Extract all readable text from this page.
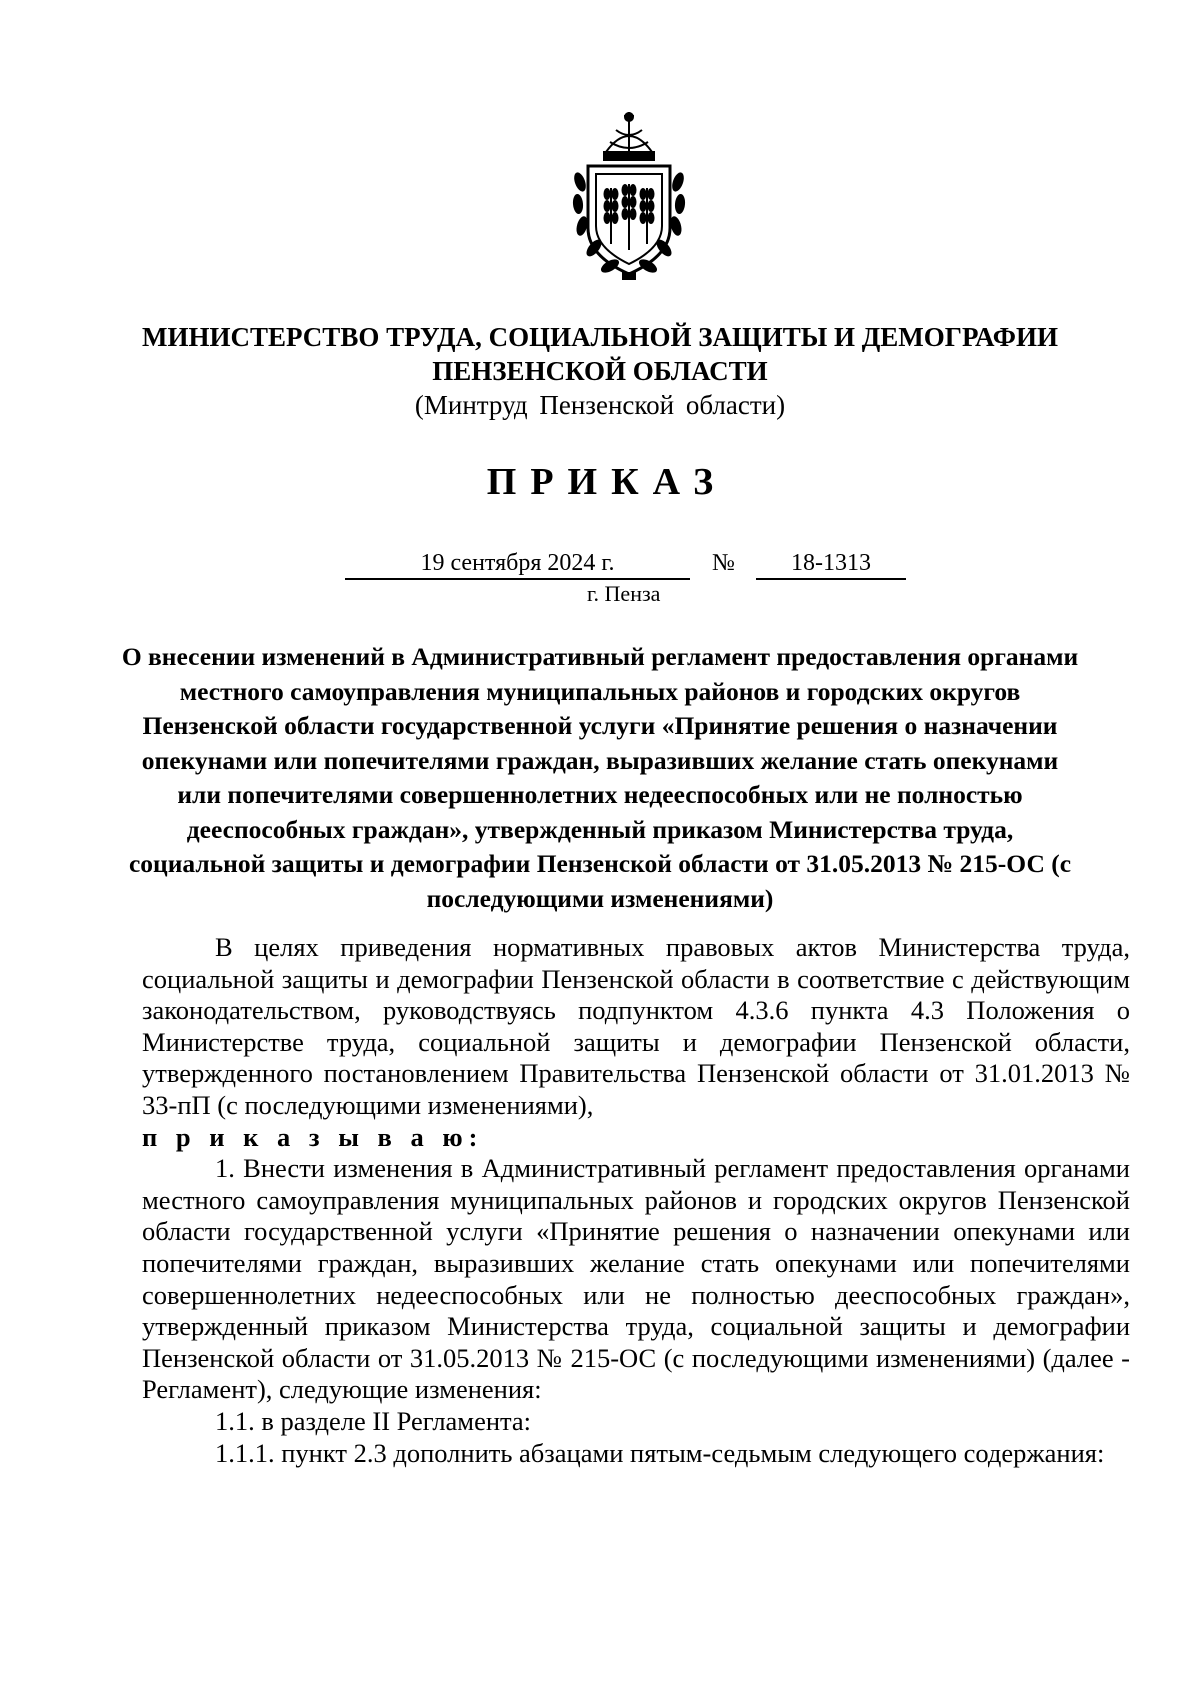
МИНИСТЕРСТВО ТРУДА, СОЦИАЛЬНОЙ ЗАЩИТЫ И ДЕМОГРАФИИ
ПЕНЗЕНСКОЙ ОБЛАСТИ
(Минтруд Пензенской области)
ПРИКАЗ
19 сентября 2024 г.	№	18-1313
г. Пенза
О внесении изменений в Административный регламент предоставления органами местного самоуправления муниципальных районов и городских округов Пензенской области государственной услуги «Принятие решения о назначении опекунами или попечителями граждан, выразивших желание стать опекунами или попечителями совершеннолетних недееспособных или не полностью дееспособных граждан», утвержденный приказом Министерства труда, социальной защиты и демографии Пензенской области от 31.05.2013 № 215-ОС (с последующими изменениями)

В целях приведения нормативных правовых актов Министерства труда, социальной защиты и демографии Пензенской области в соответствие с действующим законодательством, руководствуясь подпунктом 4.3.6 пункта 4.3 Положения о Министерстве труда, социальной защиты и демографии Пензенской области, утвержденного постановлением Правительства Пензенской области от 31.01.2013 № 33-пП (с последующими изменениями),

п р и к а з ы в а ю:

1. Внести изменения в Административный регламент предоставления органами местного самоуправления муниципальных районов и городских округов Пензенской области государственной услуги «Принятие решения о назначении опекунами или попечителями граждан, выразивших желание стать опекунами или попечителями совершеннолетних недееспособных или не полностью дееспособных граждан», утвержденный приказом Министерства труда, социальной защиты и демографии Пензенской области от 31.05.2013 № 215-ОС (с последующими изменениями) (далее - Регламент), следующие изменения:

1.1. в разделе II Регламента:

1.1.1. пункт 2.3 дополнить абзацами пятым-седьмым следующего содержания:
